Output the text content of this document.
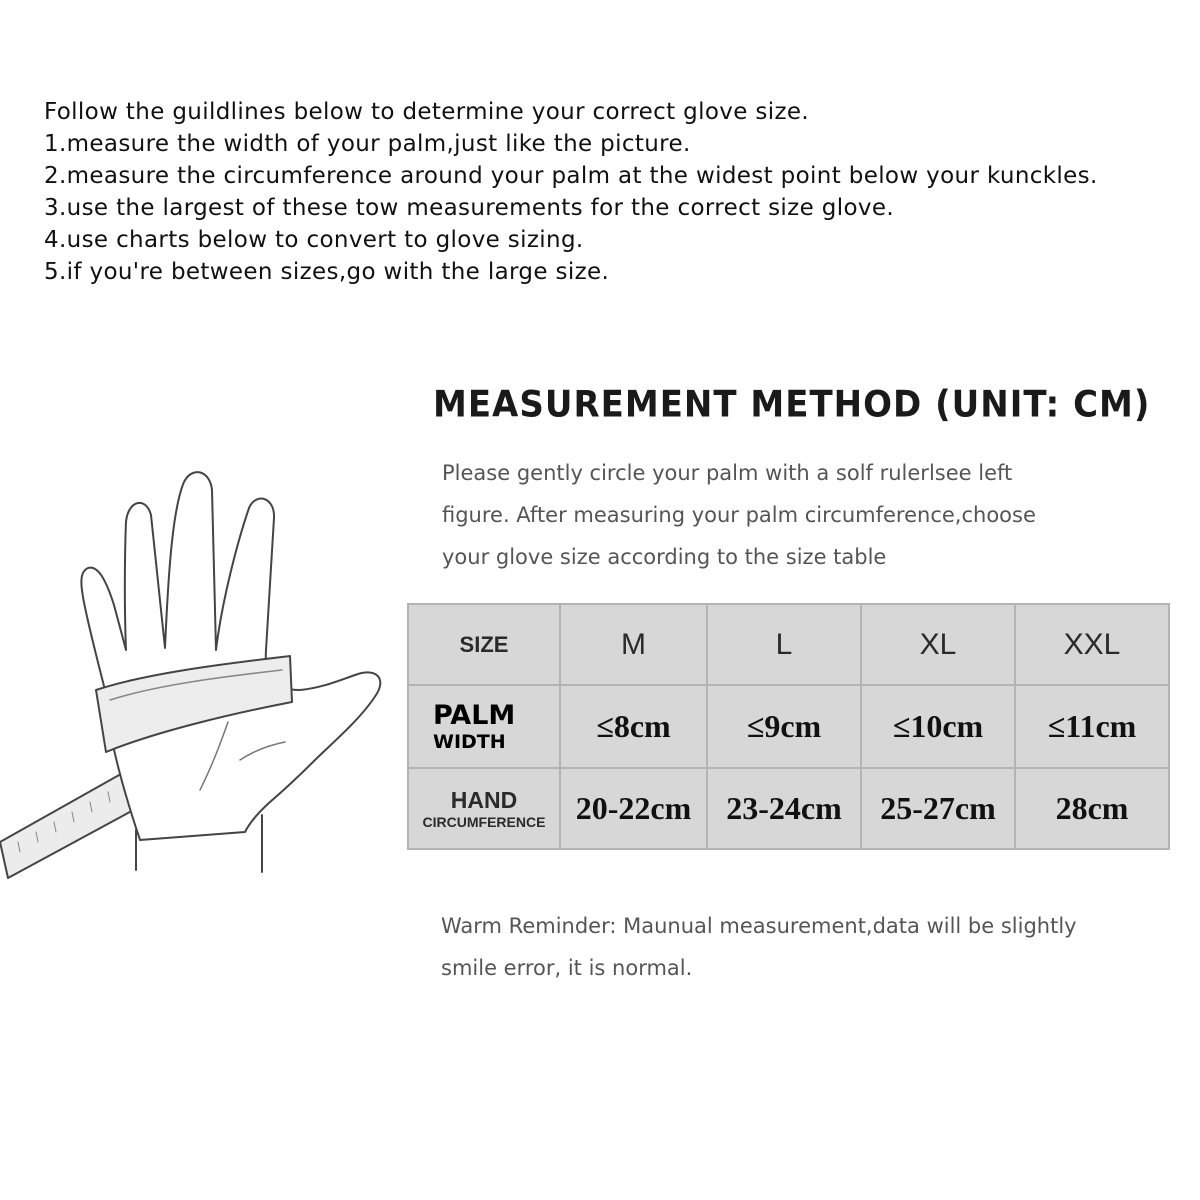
Follow the guildlines below to determine your correct glove size.
1.measure the width of your palm,just like the picture.
2.measure the circumference around your palm at the widest point below your kunckles.
3.use the largest of these tow measurements for the correct size glove.
4.use charts below to convert to glove sizing.
5.if you're between sizes,go with the large size.
MEASUREMENT METHOD (UNIT: CM)
Please gently circle your palm with a solf rulerlsee left
figure. After measuring your palm circumference,choose
your glove size according to the size table
SIZE	M	L	XL	XXL

PALM
WIDTH	≤8cm	≤9cm	≤10cm	≤11cm

HAND
CIRCUMFERENCE	20-22cm	23-24cm	25-27cm	28cm
Warm Reminder: Maunual measurement,data will be slightly
smile error, it is normal.
